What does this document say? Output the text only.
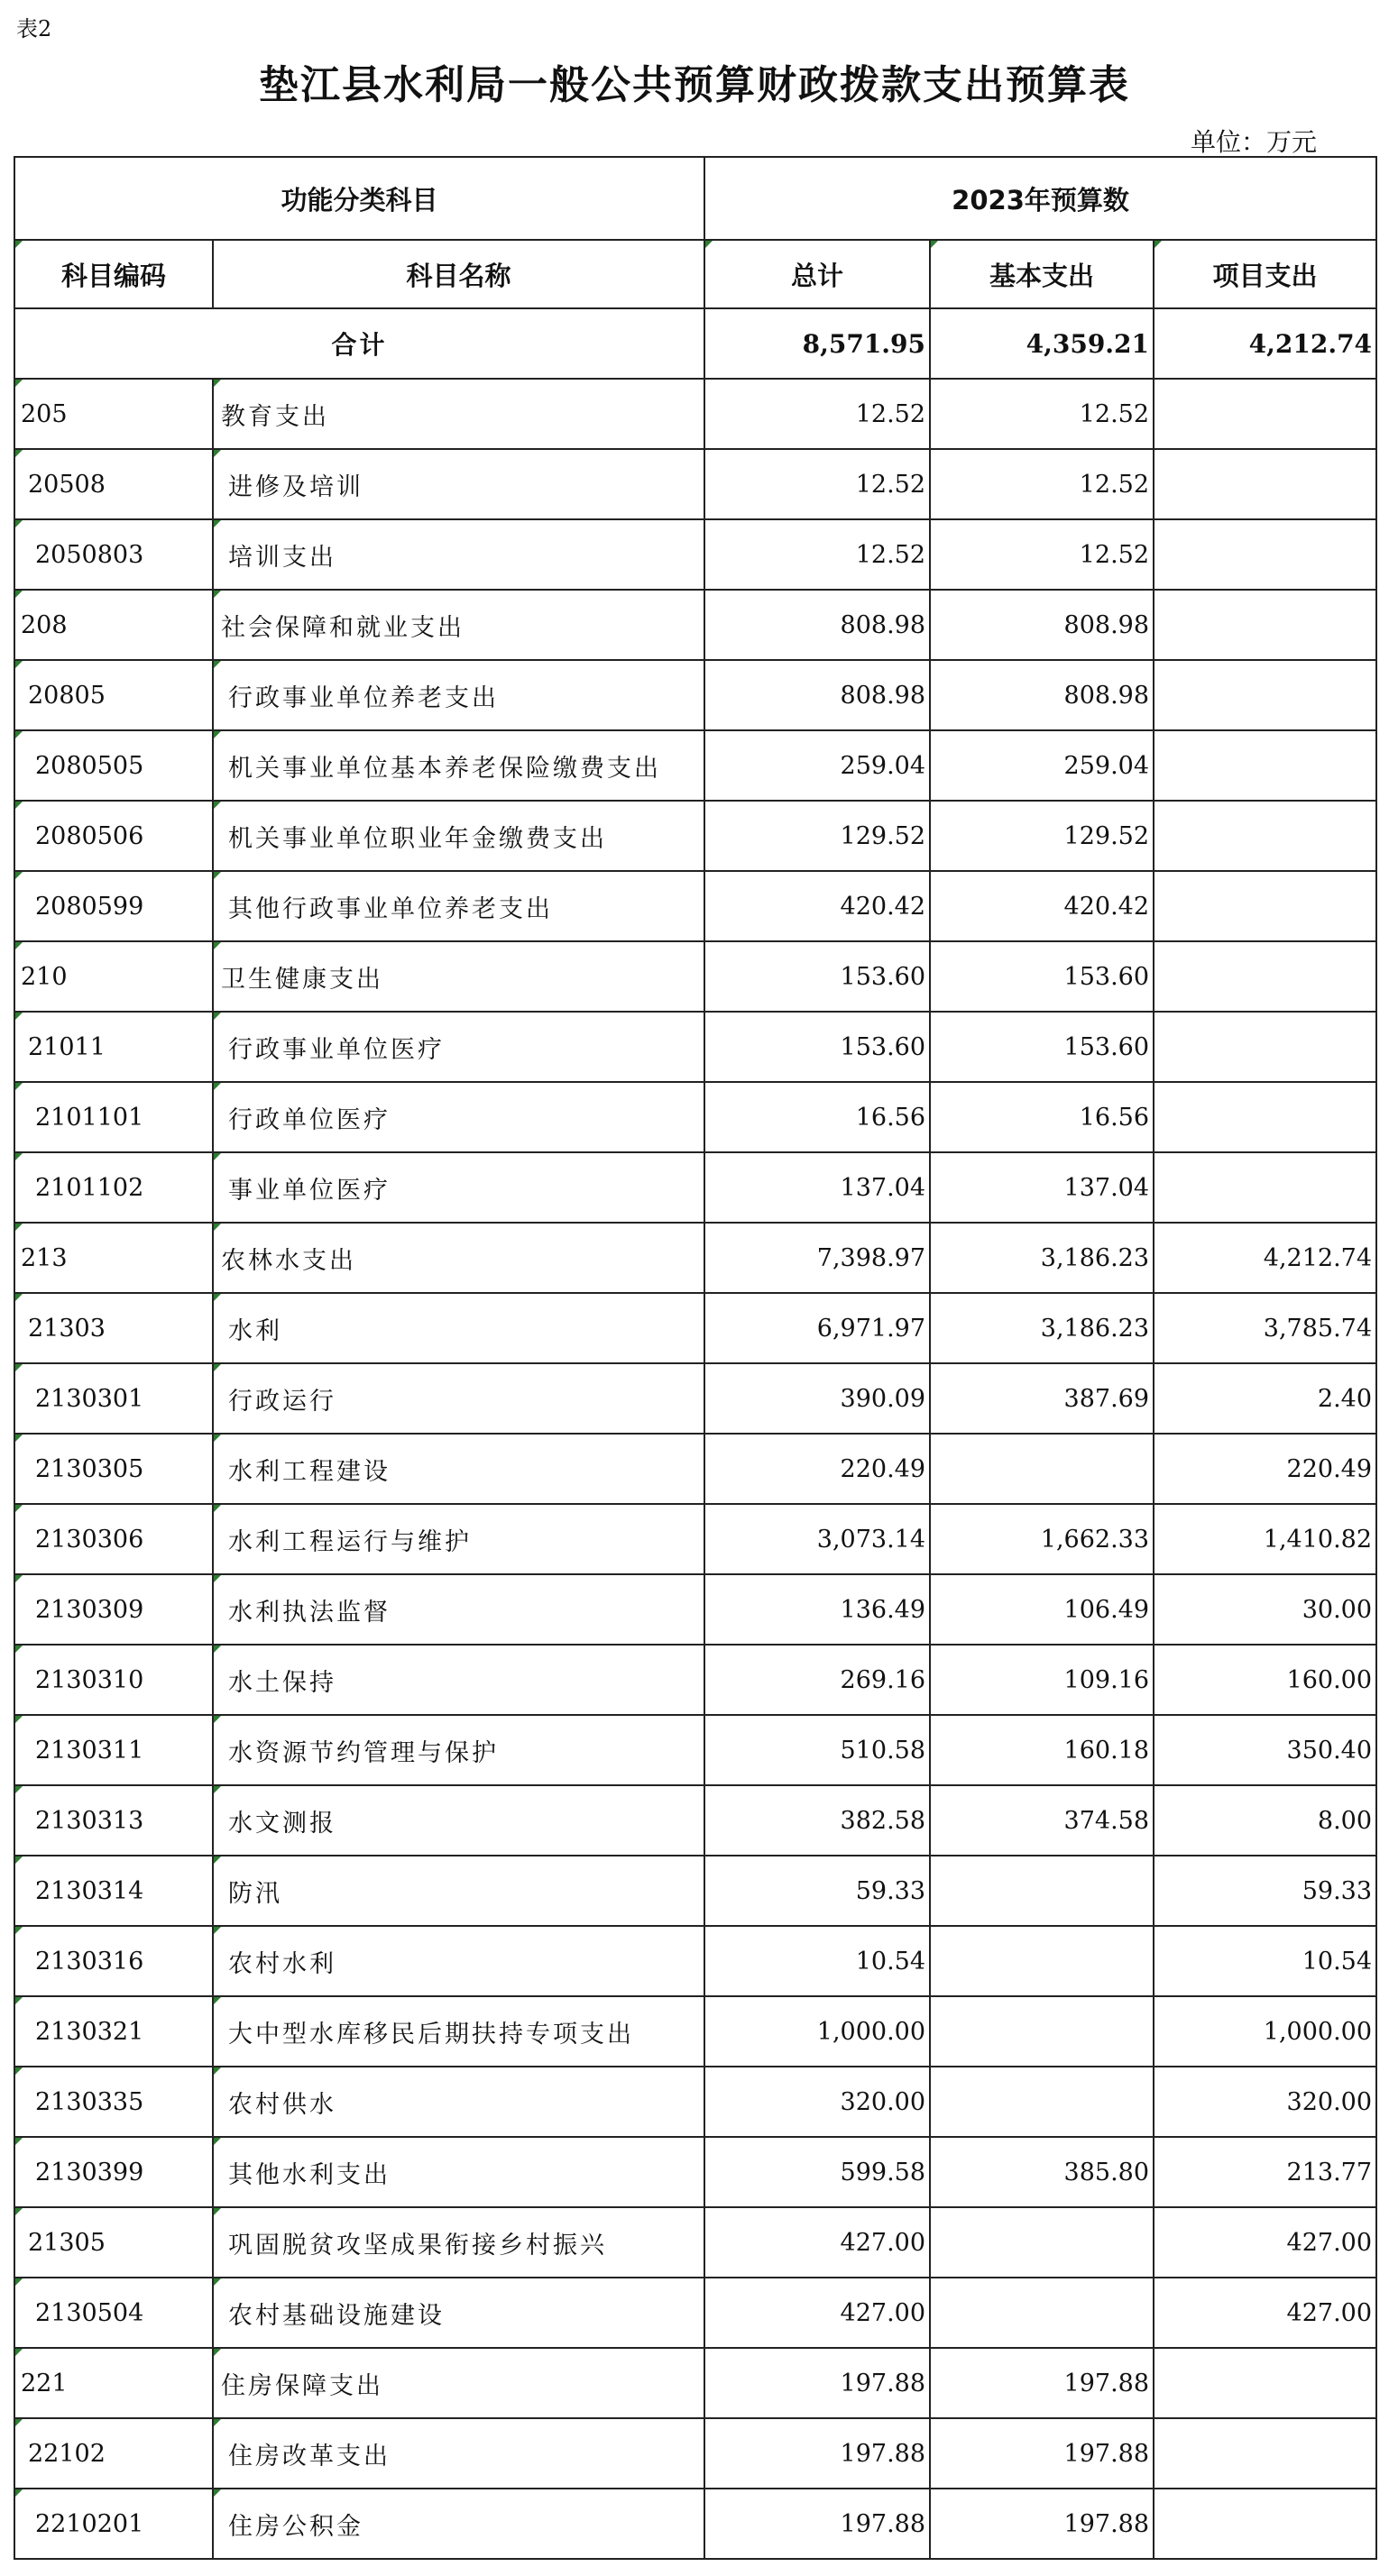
表2
垫江县水利局一般公共预算财政拨款支出预算表
单位：万元
功能分类科目		2023年预算数		
科目编码	科目名称	总计	基本支出	项目支出
合计		8,571.95	4,359.21	4,212.74
205	教育支出	12.52	12.52	
20508	进修及培训	12.52	12.52	
2050803	培训支出	12.52	12.52	
208	社会保障和就业支出	808.98	808.98	
20805	行政事业单位养老支出	808.98	808.98	
2080505	机关事业单位基本养老保险缴费支出	259.04	259.04	
2080506	机关事业单位职业年金缴费支出	129.52	129.52	
2080599	其他行政事业单位养老支出	420.42	420.42	
210	卫生健康支出	153.60	153.60	
21011	行政事业单位医疗	153.60	153.60	
2101101	行政单位医疗	16.56	16.56	
2101102	事业单位医疗	137.04	137.04	
213	农林水支出	7,398.97	3,186.23	4,212.74
21303	水利	6,971.97	3,186.23	3,785.74
2130301	行政运行	390.09	387.69	2.40
2130305	水利工程建设	220.49		220.49
2130306	水利工程运行与维护	3,073.14	1,662.33	1,410.82
2130309	水利执法监督	136.49	106.49	30.00
2130310	水土保持	269.16	109.16	160.00
2130311	水资源节约管理与保护	510.58	160.18	350.40
2130313	水文测报	382.58	374.58	8.00
2130314	防汛	59.33		59.33
2130316	农村水利	10.54		10.54
2130321	大中型水库移民后期扶持专项支出	1,000.00		1,000.00
2130335	农村供水	320.00		320.00
2130399	其他水利支出	599.58	385.80	213.77
21305	巩固脱贫攻坚成果衔接乡村振兴	427.00		427.00
2130504	农村基础设施建设	427.00		427.00
221	住房保障支出	197.88	197.88	
22102	住房改革支出	197.88	197.88	
2210201	住房公积金	197.88	197.88	
